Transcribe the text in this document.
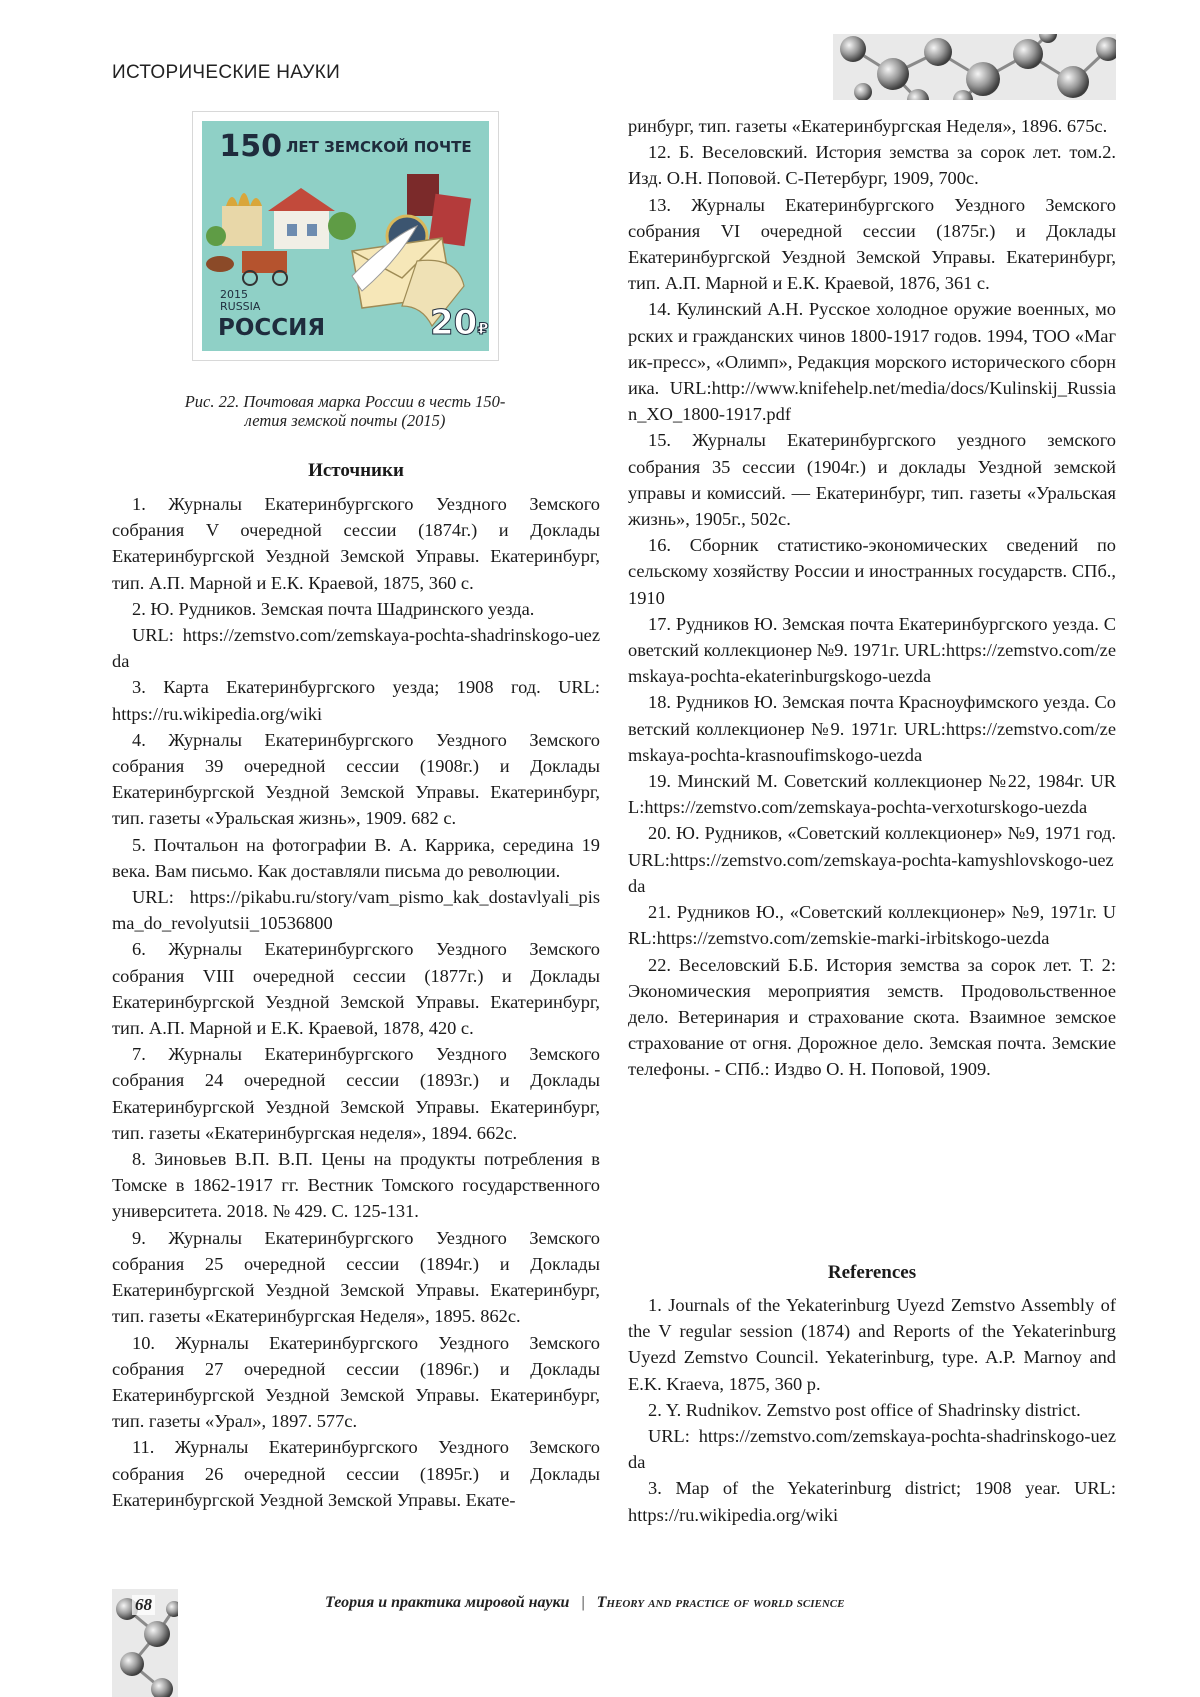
ИСТОРИЧЕСКИЕ НАУКИ
150 ЛЕТ ЗЕМСКОЙ ПОЧТЕ
2015
RUSSIA
РОССИЯ	20₽
Рис. 22. Почтовая марка России в честь 150-летия земской почты (2015)
Источники

1. Журналы Екатеринбургского Уездного Земского собрания V очередной сессии (1874г.) и Доклады Екатеринбургской Уездной Земской Управы. Екатеринбург, тип. А.П. Марной и Е.К. Краевой, 1875, 360 с.

2. Ю. Рудников. Земская почта Шадринского уезда.

URL: https://zemstvo.com/zemskaya-pochta-shadrinskogo-uezda

3. Карта Екатеринбургского уезда; 1908 год. URL: https://ru.wikipedia.org/wiki

4. Журналы Екатеринбургского Уездного Земского собрания 39 очередной сессии (1908г.) и Доклады Екатеринбургской Уездной Земской Управы. Екатеринбург, тип. газеты «Уральская жизнь», 1909. 682 с.

5. Почтальон на фотографии В. А. Каррика, середина 19 века. Вам письмо. Как доставляли письма до революции.

URL: https://pikabu.ru/story/vam_pismo_kak_dostavlyali_pisma_do_revolyutsii_10536800

6. Журналы Екатеринбургского Уездного Земского собрания VIII очередной сессии (1877г.) и Доклады Екатеринбургской Уездной Земской Управы. Екатеринбург, тип. А.П. Марной и Е.К. Краевой, 1878, 420 с.

7. Журналы Екатеринбургского Уездного Земского собрания 24 очередной сессии (1893г.) и Доклады Екатеринбургской Уездной Земской Управы. Екатеринбург, тип. газеты «Екатеринбургская неделя», 1894. 662с.

8. Зиновьев В.П. В.П. Цены на продукты потребления в Томске в 1862-1917 гг. Вестник Томского государственного университета. 2018. № 429. С. 125-131.

9. Журналы Екатеринбургского Уездного Земского собрания 25 очередной сессии (1894г.) и Доклады Екатеринбургской Уездной Земской Управы. Екатеринбург, тип. газеты «Екатеринбургская Неделя», 1895. 862с.

10. Журналы Екатеринбургского Уездного Земского собрания 27 очередной сессии (1896г.) и Доклады Екатеринбургской Уездной Земской Управы. Екатеринбург, тип. газеты «Урал», 1897. 577с.

11. Журналы Екатеринбургского Уездного Земского собрания 26 очередной сессии (1895г.) и Доклады Екатеринбургской Уездной Земской Управы. Екате-

ринбург, тип. газеты «Екатеринбургская Неделя», 1896. 675с.

12. Б. Веселовский. История земства за сорок лет. том.2. Изд. О.Н. Поповой. С-Петербург, 1909, 700с.

13. Журналы Екатеринбургского Уездного Земского собрания VI очередной сессии (1875г.) и Доклады Екатеринбургской Уездной Земской Управы. Екатеринбург, тип. А.П. Марной и Е.К. Краевой, 1876, 361 с.

14. Кулинский А.Н. Русское холодное оружие военных, морских и гражданских чинов 1800-1917 годов. 1994, ТОО «Магик-пресс», «Олимп», Редакция морского исторического сборника. URL:http://www.knifehelp.net/media/docs/Kulinskij_Russian_XO_1800-1917.pdf

15. Журналы Екатеринбургского уездного земского собрания 35 сессии (1904г.) и доклады Уездной земской управы и комиссий. — Екатеринбург, тип. газеты «Уральская жизнь», 1905г., 502с.

16. Сборник статистико-экономических сведений по сельскому хозяйству России и иностранных государств. СПб., 1910

17. Рудников Ю. Земская почта Екатеринбургского уезда. Советский коллекционер №9. 1971г. URL:https://zemstvo.com/zemskaya-pochta-ekaterinburgskogo-uezda

18. Рудников Ю. Земская почта Красноуфимского уезда. Советский коллекционер №9. 1971г. URL:https://zemstvo.com/zemskaya-pochta-krasnoufimskogo-uezda

19. Минский М. Советский коллекционер №22, 1984г. URL:https://zemstvo.com/zemskaya-pochta-verxoturskogo-uezda

20. Ю. Рудников, «Советский коллекционер» №9, 1971 год. URL:https://zemstvo.com/zemskaya-pochta-kamyshlovskogo-uezda

21. Рудников Ю., «Советский коллекционер» №9, 1971г. URL:https://zemstvo.com/zemskie-marki-irbitskogo-uezda

22. Веселовский Б.Б. История земства за сорок лет. Т. 2: Экономическия мероприятия земств. Продовольственное дело. Ветеринария и страхование скота. Взаимное земское страхование от огня. Дорожное дело. Земская почта. Земские телефоны. - СПб.: Издво О. Н. Поповой, 1909.

References

1. Journals of the Yekaterinburg Uyezd Zemstvo Assembly of the V regular session (1874) and Reports of the Yekaterinburg Uyezd Zemstvo Council. Yekaterinburg, type. A.P. Marnoy and E.K. Kraeva, 1875, 360 p.

2. Y. Rudnikov. Zemstvo post office of Shadrinsky district.

URL: https://zemstvo.com/zemskaya-pochta-shadrinskogo-uezda

3. Map of the Yekaterinburg district; 1908 year. URL: https://ru.wikipedia.org/wiki

68	Теория и практика мировой науки | Theory and practice of world science
